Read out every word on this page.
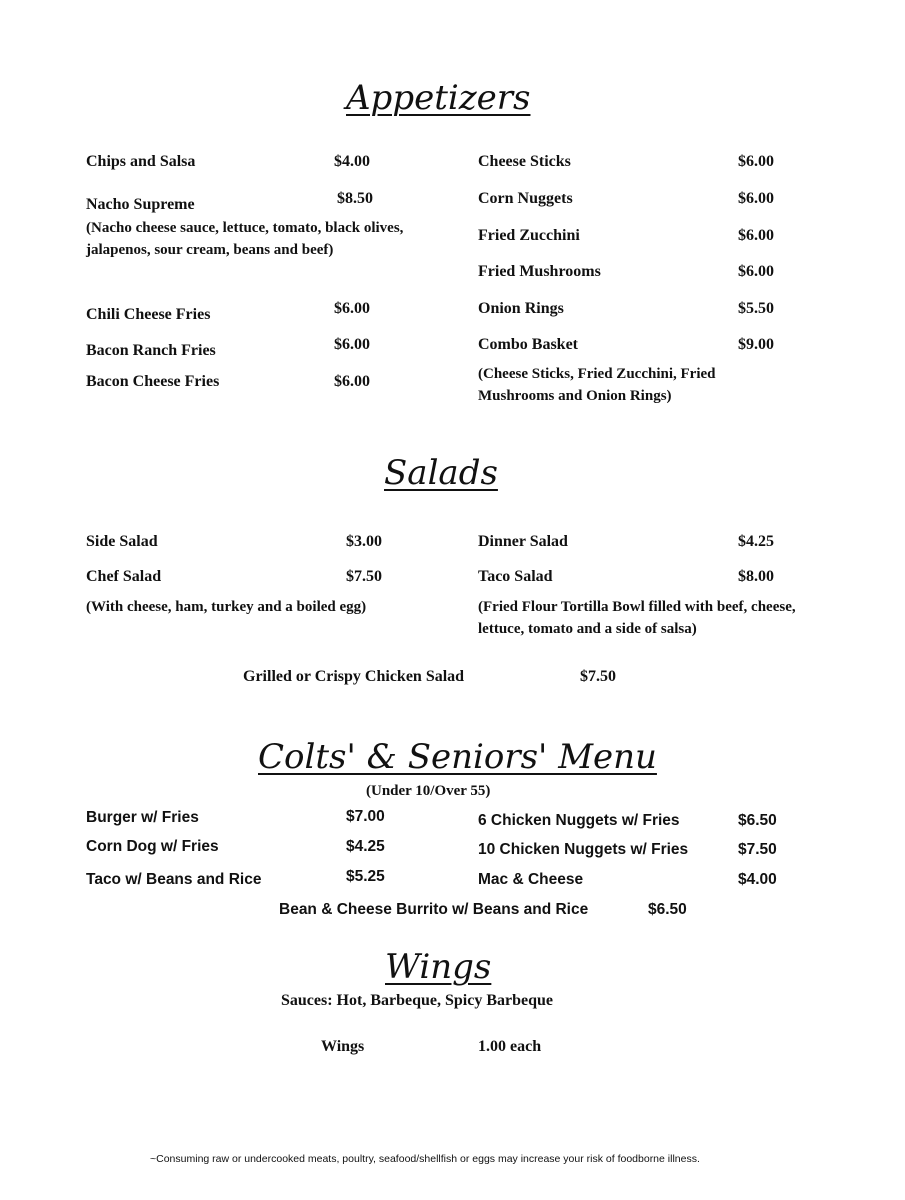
Appetizers
Chips and Salsa	$4.00
Nacho Supreme	$8.50
(Nacho cheese sauce, lettuce, tomato, black olives, jalapenos, sour cream, beans and beef)
Chili Cheese Fries	$6.00
Bacon Ranch Fries	$6.00
Bacon Cheese Fries	$6.00
Cheese Sticks	$6.00
Corn Nuggets	$6.00
Fried Zucchini	$6.00
Fried Mushrooms	$6.00
Onion Rings	$5.50
Combo Basket	$9.00
(Cheese Sticks, Fried Zucchini, Fried Mushrooms and Onion Rings)
Salads
Side Salad	$3.00
Chef Salad	$7.50
(With cheese, ham, turkey and a boiled egg)
Dinner Salad	$4.25
Taco Salad	$8.00
(Fried Flour Tortilla Bowl filled with beef, cheese, lettuce, tomato and a side of salsa)
Grilled or Crispy Chicken Salad	$7.50
Colts' & Seniors' Menu
(Under 10/Over 55)
Burger w/ Fries	$7.00
Corn Dog w/ Fries	$4.25
Taco w/ Beans and Rice	$5.25
6 Chicken Nuggets w/ Fries	$6.50
10 Chicken Nuggets w/ Fries	$7.50
Mac & Cheese	$4.00
Bean & Cheese Burrito w/ Beans and Rice	$6.50
Wings
Sauces: Hot, Barbeque, Spicy Barbeque
Wings	1.00 each
~Consuming raw or undercooked meats, poultry, seafood/shellfish or eggs may increase your risk of foodborne illness.
